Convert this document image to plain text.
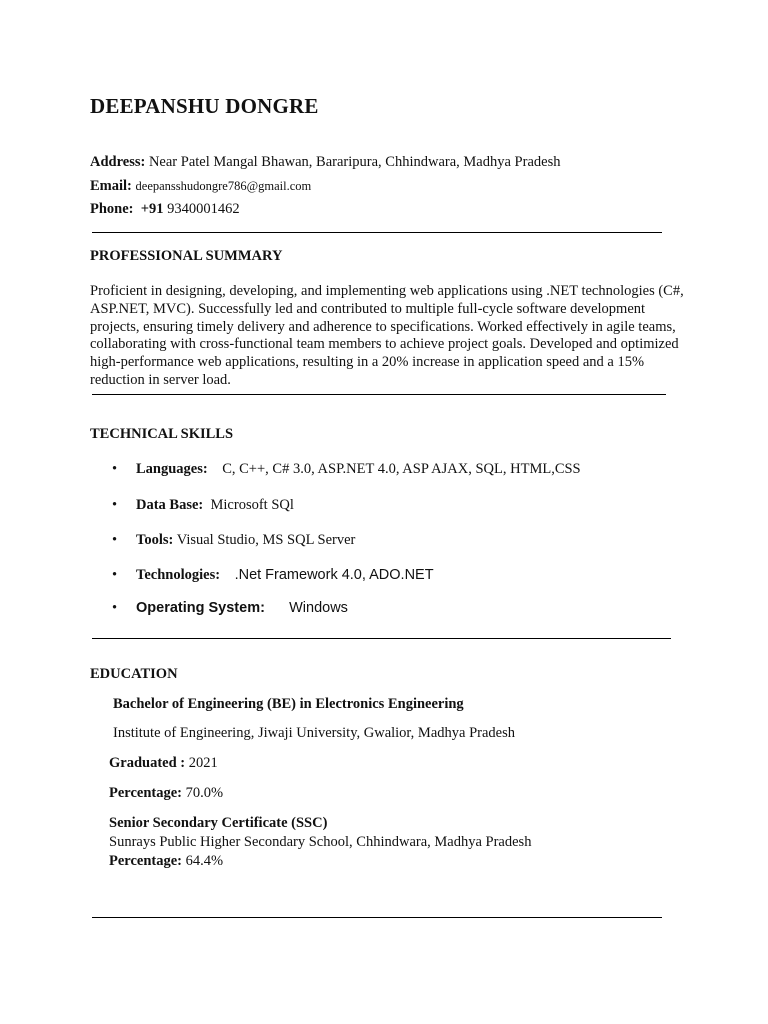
DEEPANSHU DONGRE
Address: Near Patel Mangal Bhawan, Bararipura, Chhindwara, Madhya Pradesh
Email: deepansshudongre786@gmail.com
Phone: +91 9340001462
PROFESSIONAL SUMMARY
Proficient in designing, developing, and implementing web applications using .NET technologies (C#, ASP.NET, MVC). Successfully led and contributed to multiple full-cycle software development projects, ensuring timely delivery and adherence to specifications. Worked effectively in agile teams, collaborating with cross-functional team members to achieve project goals. Developed and optimized high-performance web applications, resulting in a 20% increase in application speed and a 15% reduction in server load.
TECHNICAL SKILLS
• Languages: C, C++, C# 3.0, ASP.NET 4.0, ASP AJAX, SQL, HTML,CSS
• Data Base: Microsoft SQl
• Tools: Visual Studio, MS SQL Server
• Technologies: .Net Framework 4.0, ADO.NET
• Operating System: Windows
EDUCATION
Bachelor of Engineering (BE) in Electronics Engineering
Institute of Engineering, Jiwaji University, Gwalior, Madhya Pradesh
Graduated : 2021
Percentage: 70.0%
Senior Secondary Certificate (SSC)
Sunrays Public Higher Secondary School, Chhindwara, Madhya Pradesh
Percentage: 64.4%
